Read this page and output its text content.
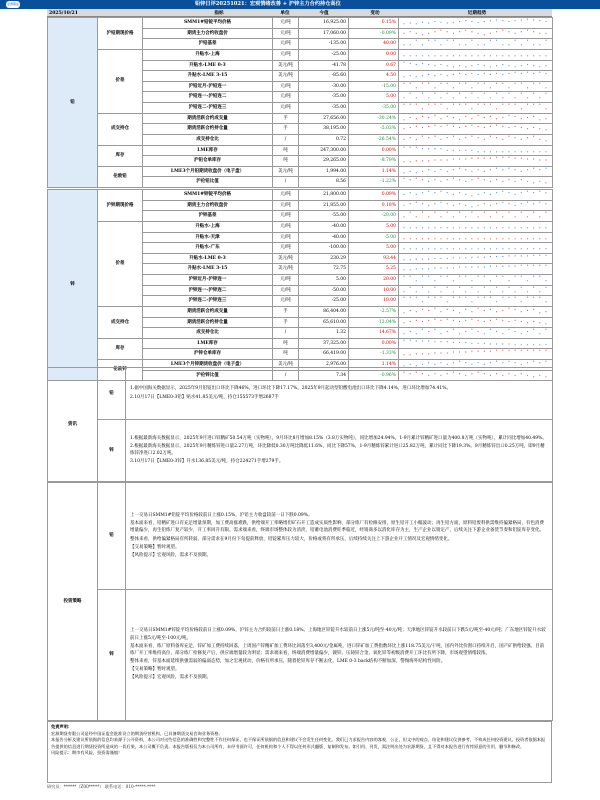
宏源期货	铅锌日评20251021：宏观情绪改善 + 沪锌主力合约持仓高位
2025/10/21	指标	单位	今值	变动	近期趋势
铅	沪铅期现价格	SMM1#铅锭平均价格	元/吨	16,925.00	0.15%	
		期货主力合约收盘价	元/吨	17,060.00	-0.09%	
		沪铅基差	元/吨	-135.00	40.00	
	价差	升贴水-上海	元/吨	-25.00	0.00	
		升贴水-LME 0-3	美元/吨	-41.78	0.67	
		升贴水-LME 3-15	美元/吨	-85.60	4.50	
		沪铅近月-沪铅连一	元/吨	-30.00	-15.00	
		沪铅连一-沪铅连二	元/吨	-35.00	5.00	
		沪铅连二-沪铅连三	元/吨	-35.00	-35.00	
	成交持仓	期货活跃合约成交量	手	27,656.00	-30.24%	
		期货活跃合约持仓量	手	38,195.00	-5.03%	
		成交持仓比	/	0.72	-26.54%	
	库存	LME库存	吨	247,300.00	0.00%	
		沪铅仓单库存	吨	29,265.00	-8.79%	
	伦敦铅	LME3个月铅期货收盘价（电子盘）	美元/吨	1,994.00	1.14%	
		沪伦铅比值	/	8.56	-1.22%	
锌	沪锌期现价格	SMM1#锌锭平均价格	元/吨	21,800.00	0.09%	
		期货主力合约收盘价	元/吨	21,855.00	0.18%	
		沪锌基差	元/吨	-55.00	-20.00	
	价差	升贴水-上海	元/吨	-40.00	5.00	
		升贴水-天津	元/吨	-40.00	-5.00	
		升贴水-广东	元/吨	-100.00	5.00	
		升贴水-LME 0-3	美元/吨	230.29	93.44	
		升贴水-LME 3-15	美元/吨	72.75	5.25	
		沪锌近月-沪锌连一	元/吨	5.00	20.00	
		沪锌连一-沪锌连二	元/吨	-50.00	10.00	
		沪锌连二-沪锌连三	元/吨	-25.00	10.00	
	成交持仓	期货活跃合约成交量	手	86,404.00	-2.57%	
		期货活跃合约持仓量	手	65,610.00	-13.04%	
		成交持仓比	/	1.32	14.67%	
	库存	LME库存	吨	37,325.00	0.00%	
		沪锌仓单库存	吨	66,419.00	-1.33%	
	伦敦锌	LME3个月锌期货收盘价（电子盘）	美元/吨	2,976.00	1.14%	
		沪伦锌比值	/	7.34	-0.96%	
资讯	铅	1.据中国海关数据显示，2025年9月铅锭出口环比下降46%，进口环比下降17.17%。2025年9月起动型铅酸电池出口环比下降4.14%，进口环比增加74.41%。

2.10月17日【LME0-3铅】贴水41.85美元/吨，持仓155573手增2687手

	锌	1.根据最新海关数据显示，2025年9月进口锌精矿50.54万吨（实物吨），9月环比8月增加8.15%（3.8万实物吨），同比增加24.94%，1-9月累计锌精矿进口量为400.8万吨（实物吨），累计同比增加40.49%。

2.根据最新海关数据显示，2025年9月精炼锌进口量2.27万吨，环比降低0.30万吨比降低11.6%，同比下降57%，1-9月精炼锌累计进口25.82万吨，累计同比下降19.3%。9月精炼锌出口0.25万吨，即9月精炼锌净进口2.02万吨。

3.10月17日【LME0-3锌】升水136.85美元/吨，持仓224271手增279手。

投资策略	铅	上一交易日SMM1#铅锭平均价格较前日上涨0.15%，沪铅主力收盘较前一日下跌0.09%。

基本面来看，铅精矿进口有充足增量预期，加工费高涨难跌，供给端开工率略增但矿石开工造成实质性影响，部分炼厂有检修安排，原生铅开工小幅波动；再生铅方面，原料铅废料供需维持偏紧格局，有色消费增量偏少，再生铅炼厂复产较少，开工率回升有限。需求端来看，终端市场整体较为清淡，铅蓄电池消费旺季临近，经销商多以消化库存为主，生产企业以销定产，后续关注下游企业备货节奏和铅锭库存变化。

整体来看，供给偏紧格局有所转弱，部分需求在9月份下旬提前释放，铅锭累库压力较大，价格或将有所承压，后续持续关注上下游企业开工情况及宏观情绪变化。

【交易策略】暂时观望。

【风险提示】宏观风险，需求不及预期。

	锌	上一交易日SMM1#锌锭平均价格较前日上涨0.09%，沪锌主力合约较前日上涨0.18%。上海地区锌锭升水较前日上涨5元/吨至-40元/吨；天津地区锌锭升水较前日下跌5元/吨至-40元/吨；广东地区锌锭升水较前日上涨5元/吨至-100元/吨。

基本面来看，炼厂原料备库充足，锌矿加工费持续回落，上周国产锌精矿加工费环比回落至3,400元/金属吨，进口锌矿加工费指数环比上涨118.75美元/干吨，国内外比价窗口持续开启，国产矿供给较强。目前炼厂开工率维持高位，部分炼厂检修复产后，供应端增量较为明显；需求端来看，终端消费增量偏少，镀锌、压铸锌合金、氧化锌等初级消费开工环比有所下降，市场观望情绪较浓。

整体来看，锌基本面延续供强需弱的偏弱态势，加之宏观扰动，价格有所承压，随着伦锌库存不断去化，LME 0-3 back结构不断加深，警惕海外结构性风险。

【交易策略】暂时观望。

【风险提示】宏观风险，需求不及预期。

免责声明：

宏源期货有限公司是经中国证监会批准设立的期货经营机构，已具备期货交易咨询业务资格。

本报告分析及建议所依据的信息均来源于公开资料，本公司对这些信息的准确性和完整性不作任何保证，也不保证所依据的信息和建议不会发生任何变化。我们已力求报告内容的客观、公正，但文中的观点、结论和建议仅供参考，不构成任何投资建议。投资者依据本报告提供的信息进行期货投资所造成的一切后果，本公司概不负责。本报告版权仅为本公司所有，未经书面许可，任何机构和个人不得以任何形式翻版、复制和发布。如引用、刊发，需注明出处为宏源期货，且不得对本报告进行有悖原意的引用、删节和修改。

风险提示：期市有风险，投资需谨慎！

研究员：******（Z00*****） 联系电话：010-*****-****
